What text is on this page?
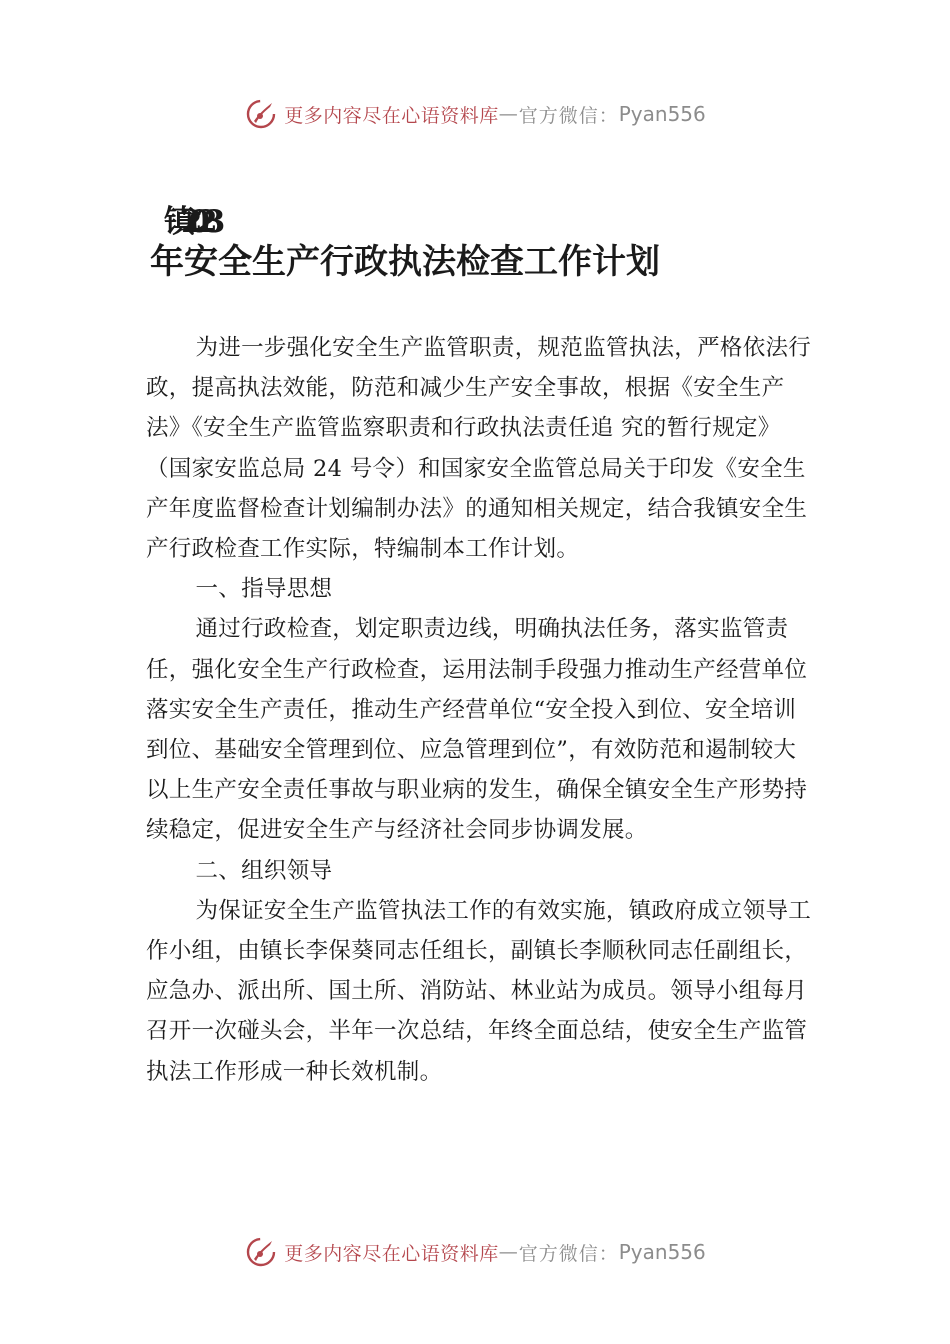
更多内容尽在心语资料库 — 官方微信： Pyan556
镇2023
年安全生产行政执法检查工作计划

为进一步强化安全生产监管职责，规范监管执法，严格依法行政，提高执法效能，防范和减少生产安全事故，根据《安全生产法》《安全生产监管监察职责和行政执法责任追 究的暂行规定》（国家安监总局 24 号令）和国家安全监管总局关于印发《安全生产年度监督检查计划编制办法》的通知相关规定，结合我镇安全生产行政检查工作实际，特编制本工作计划。

一、指导思想

通过行政检查，划定职责边线，明确执法任务，落实监管责任，强化安全生产行政检查，运用法制手段强力推动生产经营单位落实安全生产责任，推动生产经营单位“安全投入到位、安全培训到位、基础安全管理到位、应急管理到位”，有效防范和遏制较大以上生产安全责任事故与职业病的发生，确保全镇安全生产形势持续稳定，促进安全生产与经济社会同步协调发展。

二、组织领导

为保证安全生产监管执法工作的有效实施，镇政府成立领导工作小组，由镇长李保葵同志任组长，副镇长李顺秋同志任副组长，应急办、派出所、国土所、消防站、林业站为成员。领导小组每月召开一次碰头会，半年一次总结，年终全面总结，使安全生产监管执法工作形成一种长效机制。

更多内容尽在心语资料库 — 官方微信： Pyan556
